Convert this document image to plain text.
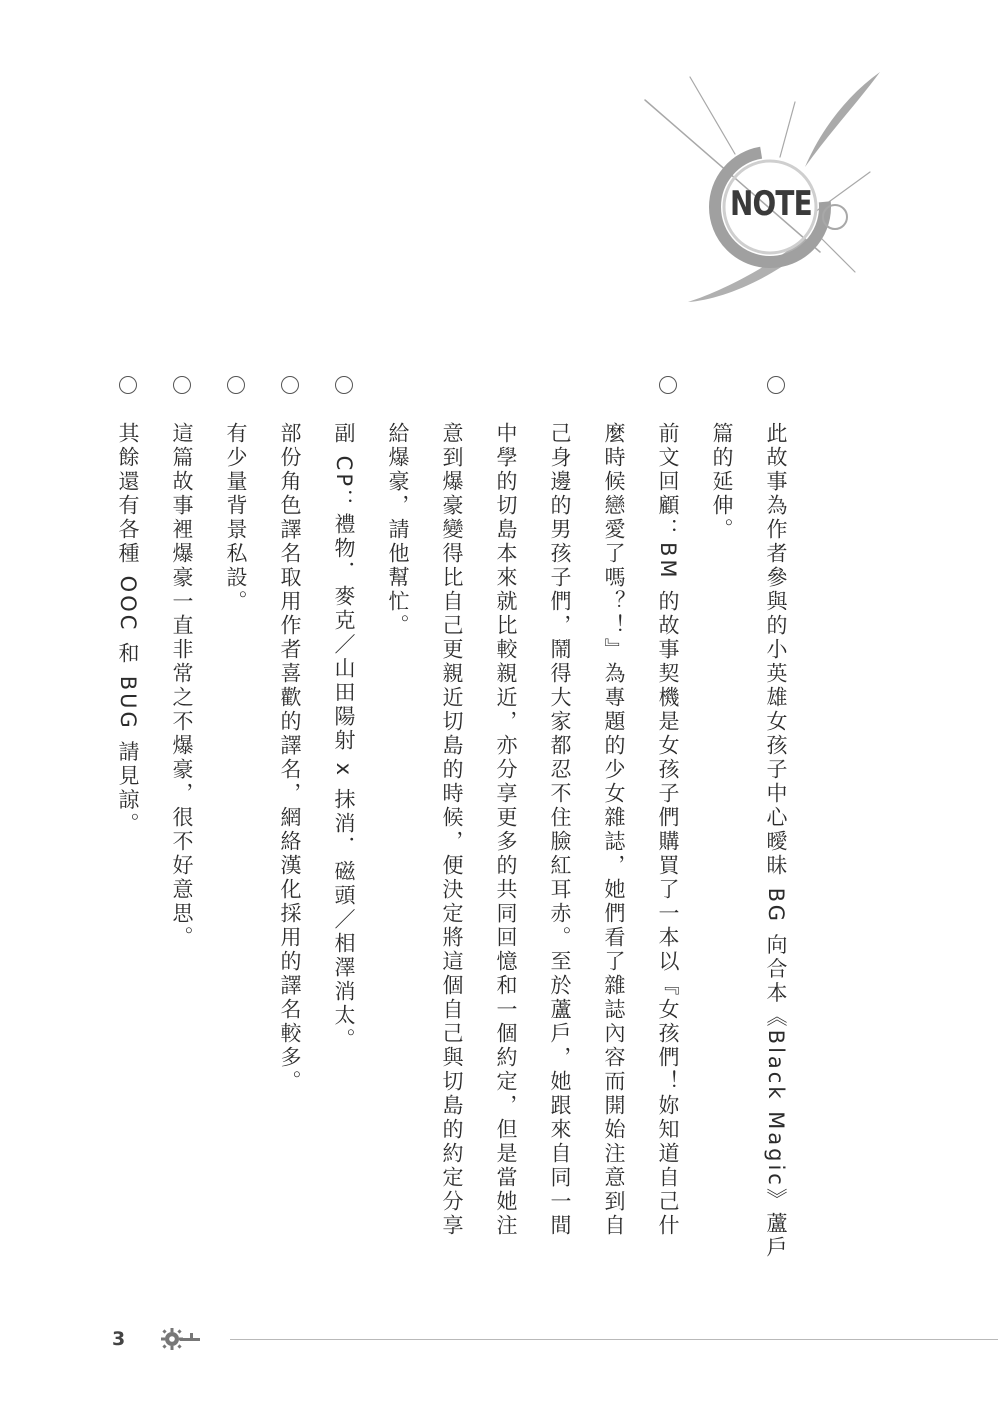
NOTE
此故事為作者參與的小英雄女孩子中心曖昧 BG 向合本《Black Magic》蘆戶
篇的延伸。
前文回顧：BM 的故事契機是女孩子們購買了一本以『女孩們！妳知道自己什
麼時候戀愛了嗎？！』為專題的少女雜誌，她們看了雜誌內容而開始注意到自
己身邊的男孩子們，鬧得大家都忍不住臉紅耳赤。至於蘆戶，她跟來自同一間
中學的切島本來就比較親近，亦分享更多的共同回憶和一個約定，但是當她注
意到爆豪變得比自己更親近切島的時候，便決定將這個自己與切島的約定分享
給爆豪，請他幫忙。
副 CP：禮物．麥克／山田陽射 x 抹消．磁頭／相澤消太。
部份角色譯名取用作者喜歡的譯名，網絡漢化採用的譯名較多。
有少量背景私設。
這篇故事裡爆豪一直非常之不爆豪，很不好意思。
其餘還有各種 OOC 和 BUG 請見諒。
3
